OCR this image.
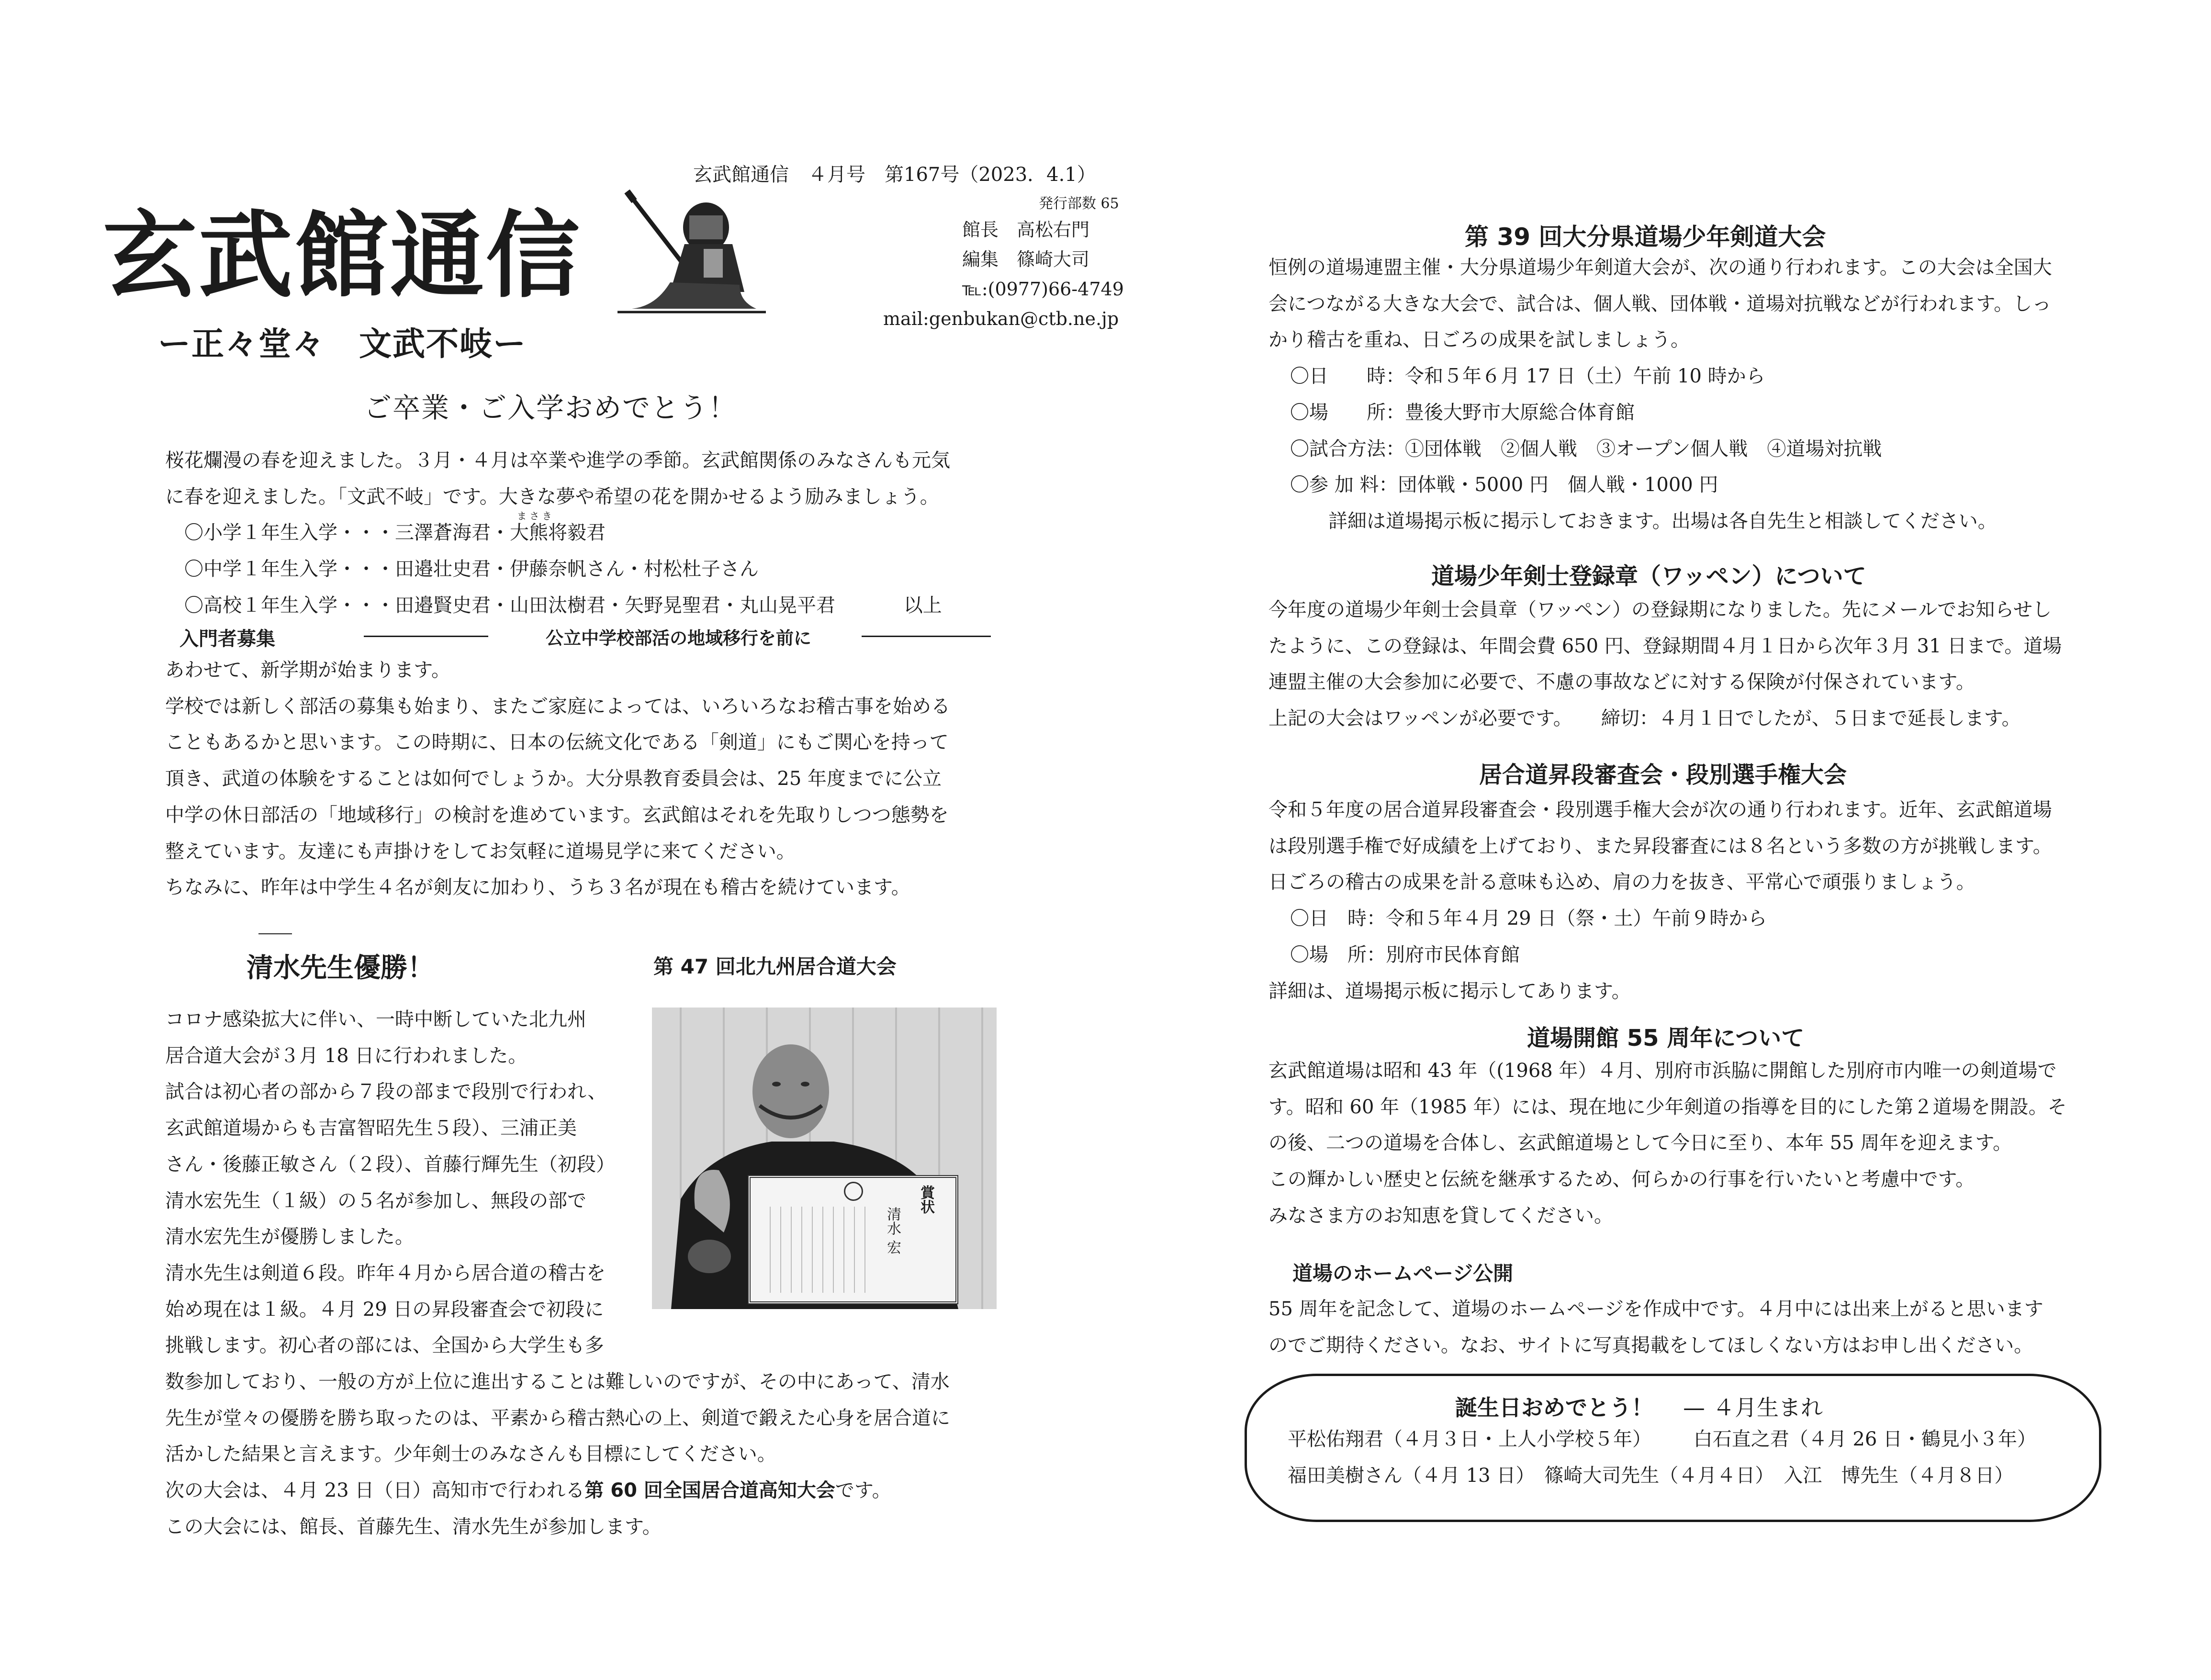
玄武館通信
ー正々堂々　文武不岐ー
玄武館通信　４月号　第167号（2023．4.1）
発行部数 65
館長　高松右門
編集　篠崎大司
℡:(0977)66-4749
mail:genbukan@ctb.ne.jp
ご卒業・ご入学おめでとう！
桜花爛漫の春を迎えました。３月・４月は卒業や進学の季節。玄武館関係のみなさんも元気
に春を迎えました。「文武不岐」です。大きな夢や希望の花を開かせるよう励みましょう。
〇小学１年生入学・・・三澤蒼海君・大熊将毅君
ま さ き
〇中学１年生入学・・・田邉壮史君・伊藤奈帆さん・村松杜子さん
〇高校１年生入学・・・田邉賢史君・山田汰樹君・矢野晃聖君・丸山晃平君	以上
入門者募集	公立中学校部活の地域移行を前に
あわせて、新学期が始まります。
学校では新しく部活の募集も始まり、またご家庭によっては、いろいろなお稽古事を始める
こともあるかと思います。この時期に、日本の伝統文化である「剣道」にもご関心を持って
頂き、武道の体験をすることは如何でしょうか。大分県教育委員会は、25 年度までに公立
中学の休日部活の「地域移行」の検討を進めています。玄武館はそれを先取りしつつ態勢を
整えています。友達にも声掛けをしてお気軽に道場見学に来てください。
ちなみに、昨年は中学生４名が剣友に加わり、うち３名が現在も稽古を続けています。
清水先生優勝！	第 47 回北九州居合道大会
コロナ感染拡大に伴い、一時中断していた北九州
居合道大会が３月 18 日に行われました。
試合は初心者の部から７段の部まで段別で行われ、
玄武館道場からも吉富智昭先生５段）、三浦正美
さん・後藤正敏さん（２段）、首藤行輝先生（初段）
清水宏先生（１級）の５名が参加し、無段の部で
清水宏先生が優勝しました。
清水先生は剣道６段。昨年４月から居合道の稽古を
始め現在は１級。４月 29 日の昇段審査会で初段に
挑戦します。初心者の部には、全国から大学生も多
賞状
清水 宏
数参加しており、一般の方が上位に進出することは難しいのですが、その中にあって、清水
先生が堂々の優勝を勝ち取ったのは、平素から稽古熱心の上、剣道で鍛えた心身を居合道に
活かした結果と言えます。少年剣士のみなさんも目標にしてください。
次の大会は、４月 23 日（日）高知市で行われる第 60 回全国居合道高知大会です。
この大会には、館長、首藤先生、清水先生が参加します。
第 39 回大分県道場少年剣道大会
恒例の道場連盟主催・大分県道場少年剣道大会が、次の通り行われます。この大会は全国大
会につながる大きな大会で、試合は、個人戦、団体戦・道場対抗戦などが行われます。しっ
かり稽古を重ね、日ごろの成果を試しましょう。
〇日　　時：令和５年６月 17 日（土）午前 10 時から
〇場　　所：豊後大野市大原総合体育館
〇試合方法：①団体戦　②個人戦　③オープン個人戦　④道場対抗戦
〇参 加 料：団体戦・5000 円　個人戦・1000 円
詳細は道場掲示板に掲示しておきます。出場は各自先生と相談してください。
道場少年剣士登録章（ワッペン）について
今年度の道場少年剣士会員章（ワッペン）の登録期になりました。先にメールでお知らせし
たように、この登録は、年間会費 650 円、登録期間４月１日から次年３月 31 日まで。道場
連盟主催の大会参加に必要で、不慮の事故などに対する保険が付保されています。
上記の大会はワッペンが必要です。　　締切：４月１日でしたが、５日まで延長します。
居合道昇段審査会・段別選手権大会
令和５年度の居合道昇段審査会・段別選手権大会が次の通り行われます。近年、玄武館道場
は段別選手権で好成績を上げており、また昇段審査には８名という多数の方が挑戦します。
日ごろの稽古の成果を計る意味も込め、肩の力を抜き、平常心で頑張りましょう。
〇日　時：令和５年４月 29 日（祭・土）午前９時から
〇場　所：別府市民体育館
詳細は、道場掲示板に掲示してあります。
道場開館 55 周年について
玄武館道場は昭和 43 年（(1968 年）４月、別府市浜脇に開館した別府市内唯一の剣道場で
す。昭和 60 年（1985 年）には、現在地に少年剣道の指導を目的にした第２道場を開設。そ
の後、二つの道場を合体し、玄武館道場として今日に至り、本年 55 周年を迎えます。
この輝かしい歴史と伝統を継承するため、何らかの行事を行いたいと考慮中です。
みなさま方のお知恵を貸してください。
道場のホームページ公開
55 周年を記念して、道場のホームページを作成中です。４月中には出来上がると思います
のでご期待ください。なお、サイトに写真掲載をしてほしくない方はお申し出ください。
誕生日おめでとう！ 　— ４月生まれ
平松佑翔君（４月３日・上人小学校５年） 白石直之君（４月 26 日・鶴見小３年）
福田美樹さん（４月 13 日）　篠崎大司先生（４月４日）　入江　博先生（４月８日）
